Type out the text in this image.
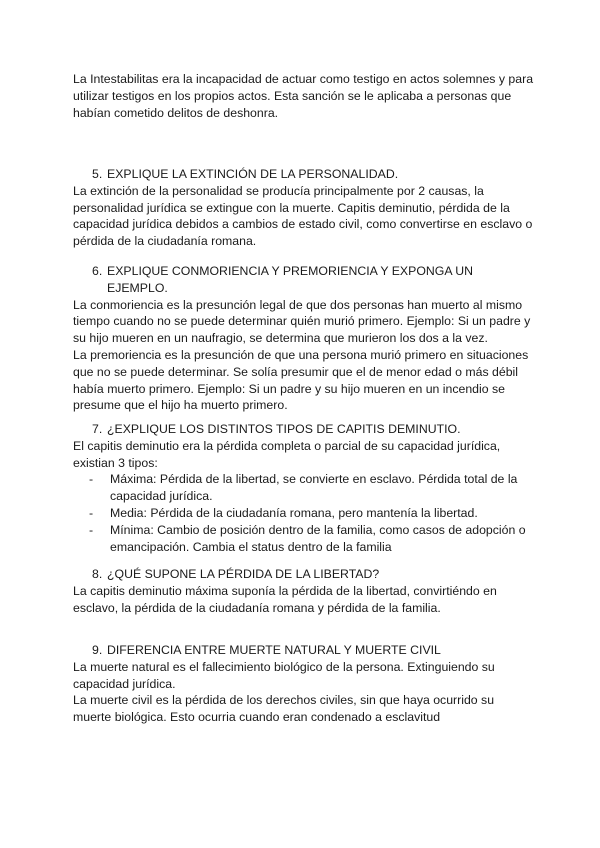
La Intestabilitas era la incapacidad de actuar como testigo en actos solemnes y para utilizar testigos en los propios actos. Esta sanción se le aplicaba a personas que habían cometido delitos de deshonra.

5. EXPLIQUE LA EXTINCIÓN DE LA PERSONALIDAD.

La extinción de la personalidad se producía principalmente por 2 causas, la personalidad jurídica se extingue con la muerte. Capitis deminutio, pérdida de la capacidad jurídica debidos a cambios de estado civil, como convertirse en esclavo o pérdida de la ciudadanía romana.

6. EXPLIQUE CONMORIENCIA Y PREMORIENCIA Y EXPONGA UN EJEMPLO.

La conmoriencia es la presunción legal de que dos personas han muerto al mismo tiempo cuando no se puede determinar quién murió primero. Ejemplo: Si un padre y su hijo mueren en un naufragio, se determina que murieron los dos a la vez.

La premoriencia es la presunción de que una persona murió primero en situaciones que no se puede determinar. Se solía presumir que el de menor edad o más débil había muerto primero. Ejemplo: Si un padre y su hijo mueren en un incendio se presume que el hijo ha muerto primero.

7. ¿EXPLIQUE LOS DISTINTOS TIPOS DE CAPITIS DEMINUTIO.

El capitis deminutio era la pérdida completa o parcial de su capacidad jurídica, existian 3 tipos:

-	Máxima: Pérdida de la libertad, se convierte en esclavo. Pérdida total de la capacidad jurídica.
-	Media: Pérdida de la ciudadanía romana, pero mantenía la libertad.
-	Mínima: Cambio de posición dentro de la familia, como casos de adopción o emancipación. Cambia el status dentro de la familia
8. ¿QUÉ SUPONE LA PÉRDIDA DE LA LIBERTAD?

La capitis deminutio máxima suponía la pérdida de la libertad, convirtiéndo en esclavo, la pérdida de la ciudadanía romana y pérdida de la familia.

9. DIFERENCIA ENTRE MUERTE NATURAL Y MUERTE CIVIL

La muerte natural es el fallecimiento biológico de la persona. Extinguiendo su capacidad jurídica.

La muerte civil es la pérdida de los derechos civiles, sin que haya ocurrido su muerte biológica. Esto ocurria cuando eran condenado a esclavitud
